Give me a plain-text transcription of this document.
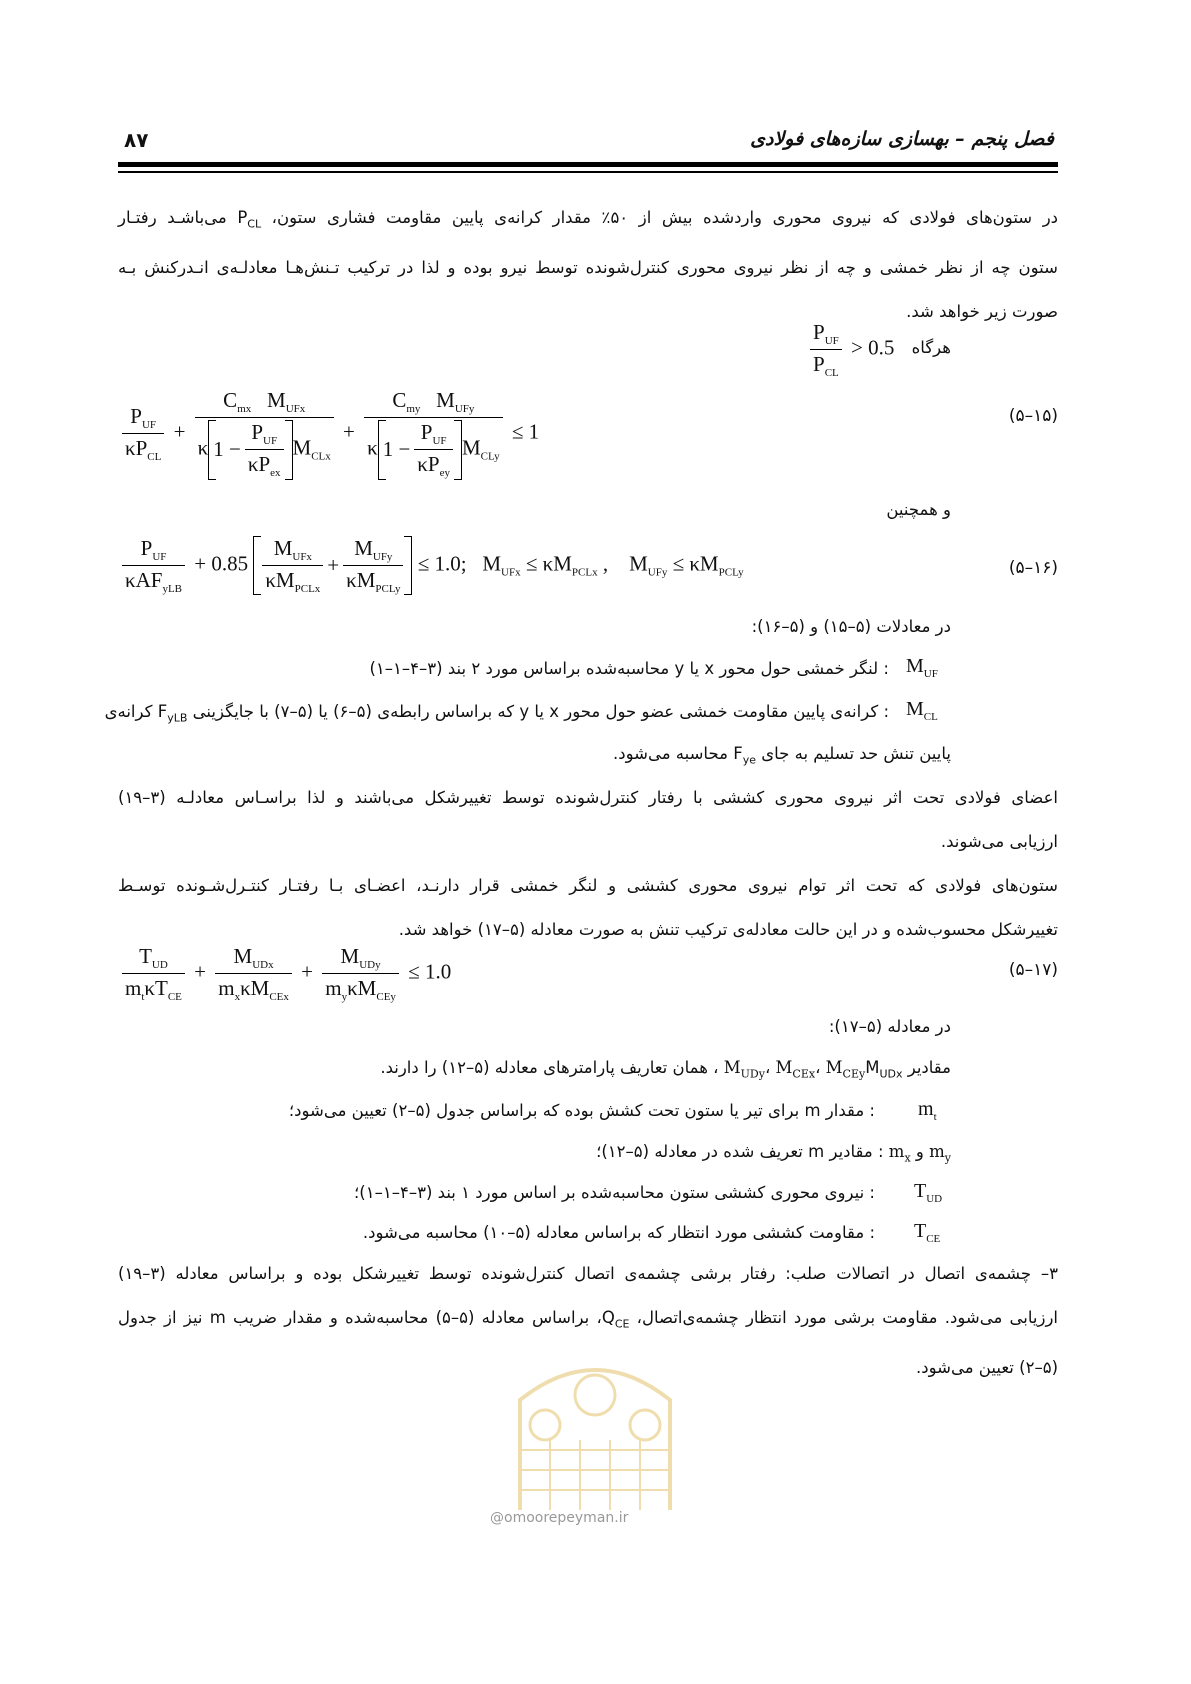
۸۷	فصل پنجم – بهسازی سازه‌های فولادی
در ستون‌های فولادی که نیروی محوری واردشده بیش از ۵۰٪ مقدار کرانه‌ی پایین مقاومت فشاری ستون، $P_{CL}$ می‌باشـد رفتـار
ستون چه از نظر خمشی و چه از نظر نیروی محوری کنترل‌شونده توسط نیرو بوده و لذا در ترکیب تـنش‌هـا معادلـه‌ی انـدرکنش بـه
صورت زیر خواهد شد.
هرگاه
$\frac{P_{UF}}{P_{CL}} > 0.5$
$\frac{P_{UF}}{\kappa P_{CL}} + \frac{C_{mx} M_{UFx}}{\kappa 1 - \frac{P_{UF}}{\kappa P_{ex}} M_{CLx}} + \frac{C_{my} M_{UFy}}{\kappa 1 - \frac{P_{UF}}{\kappa P_{ey}} M_{CLy}} \le 1$
(۱۵–۵)
و همچنین
$\frac{P_{UF}}{\kappa AF_{yLB}} + 0.85 \frac{M_{UFx}}{\kappa M_{PCLx}} + \frac{M_{UFy}}{\kappa M_{PCLy}} \le 1.0$;   $M_{UFx} \le \kappa M_{PCLx}$ ,    $M_{UFy} \le \kappa M_{PCLy}$	(۱۶–۵)
در معادلات (۵–۱۵) و (۵–۱۶):
$M_{UF}$
: لنگر خمشی حول محور x یا y محاسبه‌شده براساس مورد ۲ بند (۳–۴–۱–۱)
$M_{CL}$
: کرانه‌ی پایین مقاومت خمشی عضو حول محور x یا y که براساس رابطه‌ی (۵–۶) یا (۵–۷) با جایگزینی $F_{yLB}$ کرانه‌ی
پایین تنش حد تسلیم به جای $F_{ye}$ محاسبه می‌شود.
اعضای فولادی تحت اثر نیروی محوری کششی با رفتار کنترل‌شونده توسط تغییرشکل می‌باشند و لذا براسـاس معادلـه (۳–۱۹)
ارزیابی می‌شوند.
ستون‌های فولادی که تحت اثر توام نیروی محوری کششی و لنگر خمشی قرار دارنـد، اعضـای بـا رفتـار کنتـرل‌شـونده توسـط
تغییرشکل محسوب‌شده و در این حالت معادله‌ی ترکیب تنش به صورت معادله (۵–۱۷) خواهد شد.
$\frac{T_{UD}}{m_t\kappa T_{CE}} + \frac{M_{UDx}}{m_x\kappa M_{CEx}} + \frac{M_{UDy}}{m_y\kappa M_{CEy}} \le 1.0$	(۱۷–۵)
در معادله (۵–۱۷):
مقادیر $M_{UDx}،$ $M_{UDy}،$ $M_{CEx}،$ $M_{CEy}$ همان تعاریف پارامترهای معادله (۵–۱۲) را دارند.
$m_t$
: مقدار m برای تیر یا ستون تحت کشش بوده که براساس جدول (۵–۲) تعیین می‌شود؛
$m_y$ و $m_x$ : مقادیر m تعریف شده در معادله (۵–۱۲)؛
$T_{UD}$
: نیروی محوری کششی ستون محاسبه‌شده بر اساس مورد ۱ بند (۳–۴–۱–۱)؛
$T_{CE}$
: مقاومت کششی مورد انتظار که براساس معادله (۵–۱۰) محاسبه می‌شود.
۳– چشمه‌ی اتصال در اتصالات صلب: رفتار برشی چشمه‌ی اتصال کنترل‌شونده توسط تغییرشکل بوده و براساس معادله (۳–۱۹)
ارزیابی می‌شود. مقاومت برشی مورد انتظار چشمه‌ی‌اتصال، $Q_{CE}،$ براساس معادله (۵–۵) محاسبه‌شده و مقدار ضریب m نیز از جدول
(۵–۲) تعیین می‌شود.
@omoorepeyman.ir
